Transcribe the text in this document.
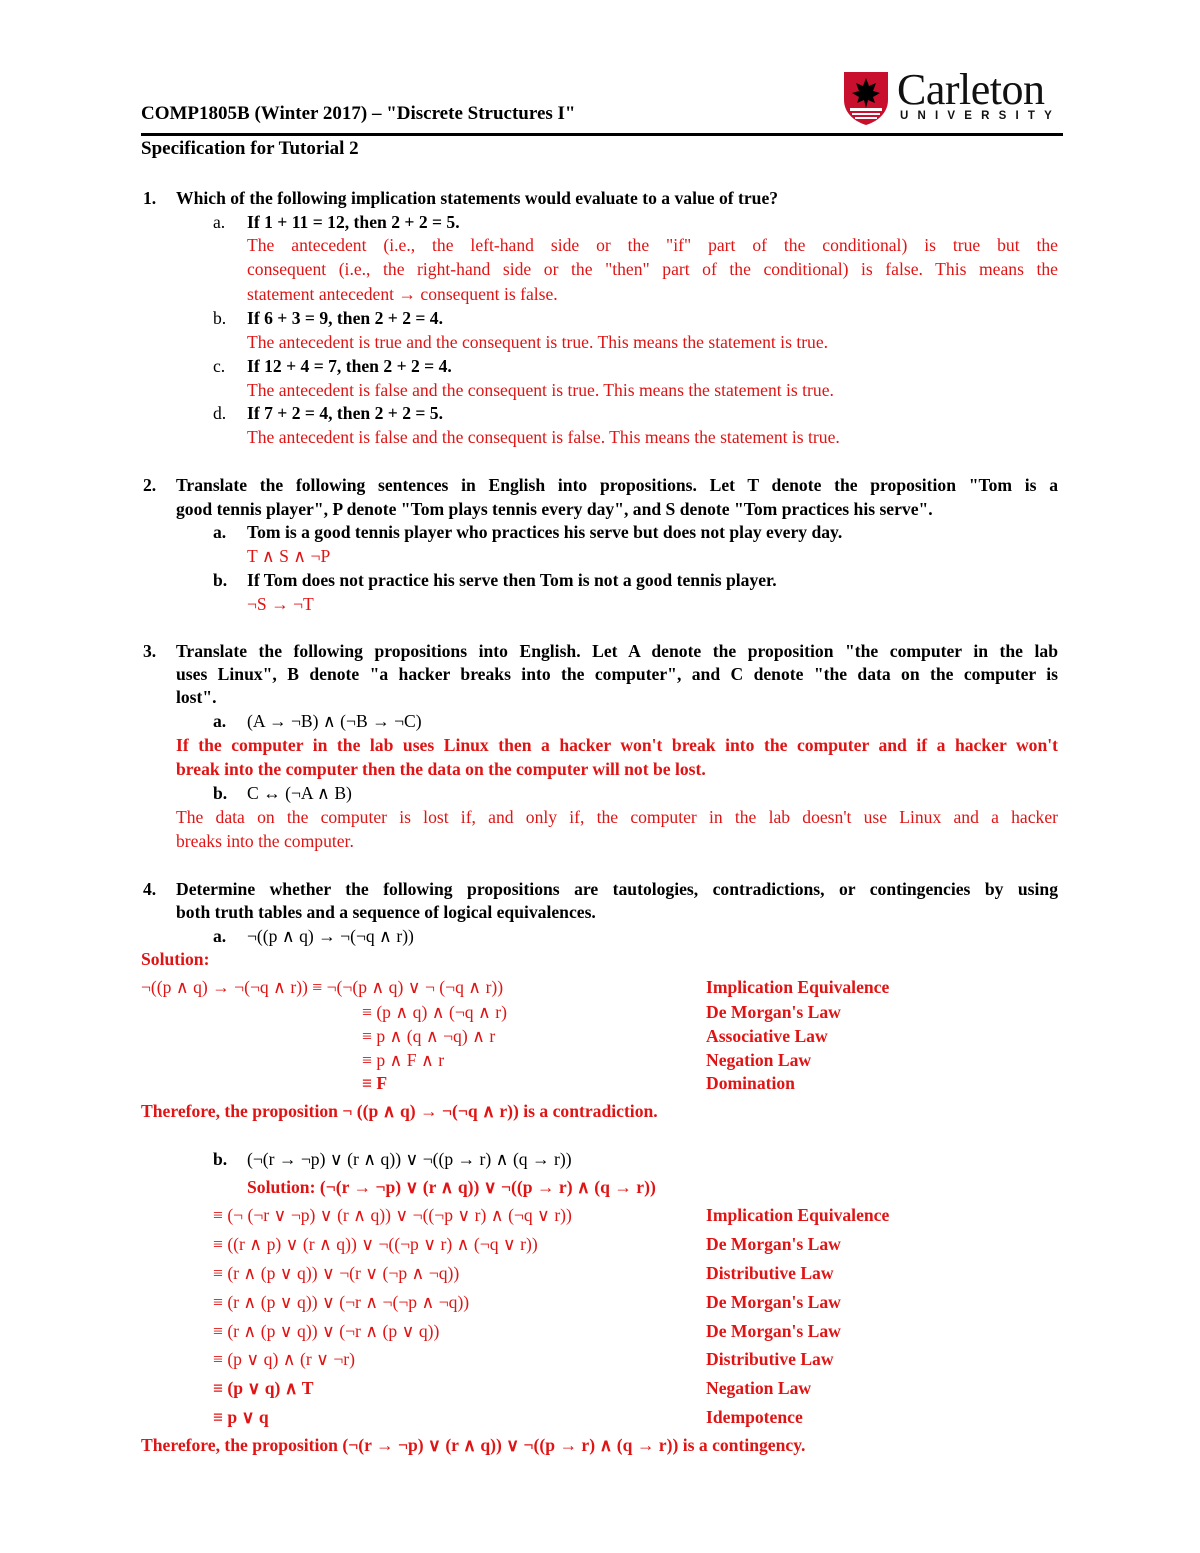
Carleton
UNIVERSITY
COMP1805B (Winter 2017) – "Discrete Structures I"
Specification for Tutorial 2
1. Which of the following implication statements would evaluate to a value of true?
a. If 1 + 11 = 12, then 2 + 2 = 5.
The antecedent (i.e., the left-hand side or the "if" part of the conditional) is true but the
consequent (i.e., the right-hand side or the "then" part of the conditional) is false. This means the
statement antecedent → consequent is false.
b. If 6 + 3 = 9, then 2 + 2 = 4.
The antecedent is true and the consequent is true. This means the statement is true.
c. If 12 + 4 = 7, then 2 + 2 = 4.
The antecedent is false and the consequent is true. This means the statement is true.
d. If 7 + 2 = 4, then 2 + 2 = 5.
The antecedent is false and the consequent is false. This means the statement is true.
2. Translate the following sentences in English into propositions. Let T denote the proposition "Tom is a
good tennis player", P denote "Tom plays tennis every day", and S denote "Tom practices his serve".
a. Tom is a good tennis player who practices his serve but does not play every day.
T ∧ S ∧ ¬P
b. If Tom does not practice his serve then Tom is not a good tennis player.
¬S → ¬T
3. Translate the following propositions into English. Let A denote the proposition "the computer in the lab
uses Linux", B denote "a hacker breaks into the computer", and C denote "the data on the computer is
lost".
a. (A → ¬B) ∧ (¬B → ¬C)
If the computer in the lab uses Linux then a hacker won't break into the computer and if a hacker won't
break into the computer then the data on the computer will not be lost.
b. C ↔ (¬A ∧ B)
The data on the computer is lost if, and only if, the computer in the lab doesn't use Linux and a hacker
breaks into the computer.
4. Determine whether the following propositions are tautologies, contradictions, or contingencies by using
both truth tables and a sequence of logical equivalences.
a. ¬((p ∧ q) → ¬(¬q ∧ r))
Solution:
¬((p ∧ q) → ¬(¬q ∧ r)) ≡ ¬(¬(p ∧ q) ∨ ¬ (¬q ∧ r))
≡ (p ∧ q) ∧ (¬q ∧ r)
≡ p ∧ (q ∧ ¬q) ∧ r
≡ p ∧ F ∧ r
≡ F
Implication Equivalence
De Morgan's Law
Associative Law
Negation Law
Domination
Therefore, the proposition ¬ ((p ∧ q) → ¬(¬q ∧ r)) is a contradiction.
b. (¬(r → ¬p) ∨ (r ∧ q)) ∨ ¬((p → r) ∧ (q → r))
Solution: (¬(r → ¬p) ∨ (r ∧ q)) ∨ ¬((p → r) ∧ (q → r))
≡ (¬ (¬r ∨ ¬p) ∨ (r ∧ q)) ∨ ¬((¬p ∨ r) ∧ (¬q ∨ r))
≡ ((r ∧ p) ∨ (r ∧ q)) ∨ ¬((¬p ∨ r) ∧ (¬q ∨ r))
≡ (r ∧ (p ∨ q)) ∨ ¬(r ∨ (¬p ∧ ¬q))
≡ (r ∧ (p ∨ q)) ∨ (¬r ∧ ¬(¬p ∧ ¬q))
≡ (r ∧ (p ∨ q)) ∨ (¬r ∧ (p ∨ q))
≡ (p ∨ q) ∧ (r ∨ ¬r)
≡ (p ∨ q) ∧ T
≡ p ∨ q
Implication Equivalence
De Morgan's Law
Distributive Law
De Morgan's Law
De Morgan's Law
Distributive Law
Negation Law
Idempotence
Therefore, the proposition (¬(r → ¬p) ∨ (r ∧ q)) ∨ ¬((p → r) ∧ (q → r)) is a contingency.
